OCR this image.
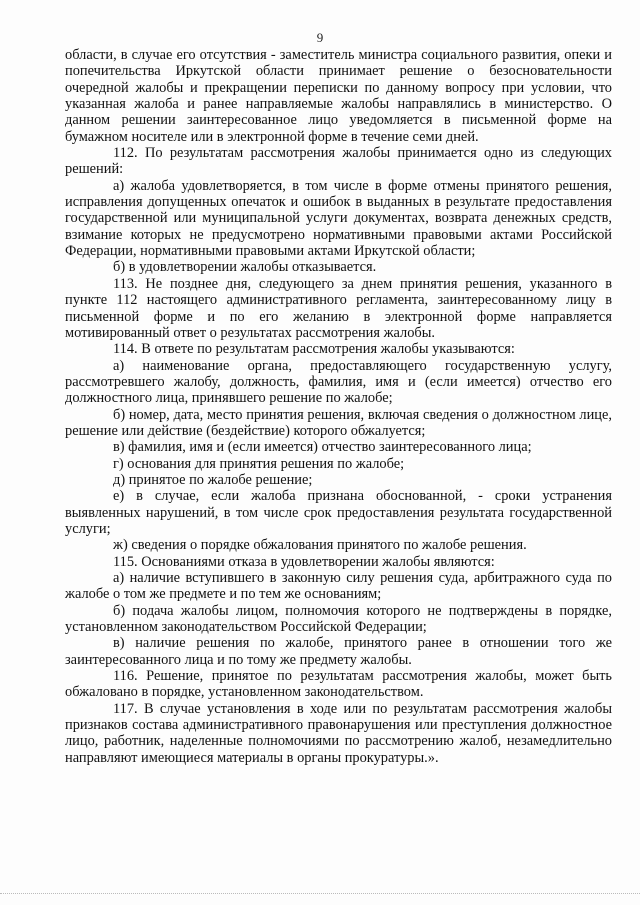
9

области, в случае его отсутствия - заместитель министра социального развития, опеки и попечительства Иркутской области принимает решение о безосновательности очередной жалобы и прекращении переписки по данному вопросу при условии, что указанная жалоба и ранее направляемые жалобы направлялись в министерство. О данном решении заинтересованное лицо уведомляется в письменной форме на бумажном носителе или в электронной форме в течение семи дней.

112. По результатам рассмотрения жалобы принимается одно из следующих решений:

а) жалоба удовлетворяется, в том числе в форме отмены принятого решения, исправления допущенных опечаток и ошибок в выданных в результате предоставления государственной или муниципальной услуги документах, возврата денежных средств, взимание которых не предусмотрено нормативными правовыми актами Российской Федерации, нормативными правовыми актами Иркутской области;

б) в удовлетворении жалобы отказывается.

113. Не позднее дня, следующего за днем принятия решения, указанного в пункте 112 настоящего административного регламента, заинтересованному лицу в письменной форме и по его желанию в электронной форме направляется мотивированный ответ о результатах рассмотрения жалобы.

114. В ответе по результатам рассмотрения жалобы указываются:

а) наименование органа, предоставляющего государственную услугу, рассмотревшего жалобу, должность, фамилия, имя и (если имеется) отчество его должностного лица, принявшего решение по жалобе;

б) номер, дата, место принятия решения, включая сведения о должностном лице, решение или действие (бездействие) которого обжалуется;

в) фамилия, имя и (если имеется) отчество заинтересованного лица;

г) основания для принятия решения по жалобе;

д) принятое по жалобе решение;

е) в случае, если жалоба признана обоснованной, - сроки устранения выявленных нарушений, в том числе срок предоставления результата государственной услуги;

ж) сведения о порядке обжалования принятого по жалобе решения.

115. Основаниями отказа в удовлетворении жалобы являются:

а) наличие вступившего в законную силу решения суда, арбитражного суда по жалобе о том же предмете и по тем же основаниям;

б) подача жалобы лицом, полномочия которого не подтверждены в порядке, установленном законодательством Российской Федерации;

в) наличие решения по жалобе, принятого ранее в отношении того же заинтересованного лица и по тому же предмету жалобы.

116. Решение, принятое по результатам рассмотрения жалобы, может быть обжаловано в порядке, установленном законодательством.

117. В случае установления в ходе или по результатам рассмотрения жалобы признаков состава административного правонарушения или преступления должностное лицо, работник, наделенные полномочиями по рассмотрению жалоб, незамедлительно направляют имеющиеся материалы в органы прокуратуры.».
